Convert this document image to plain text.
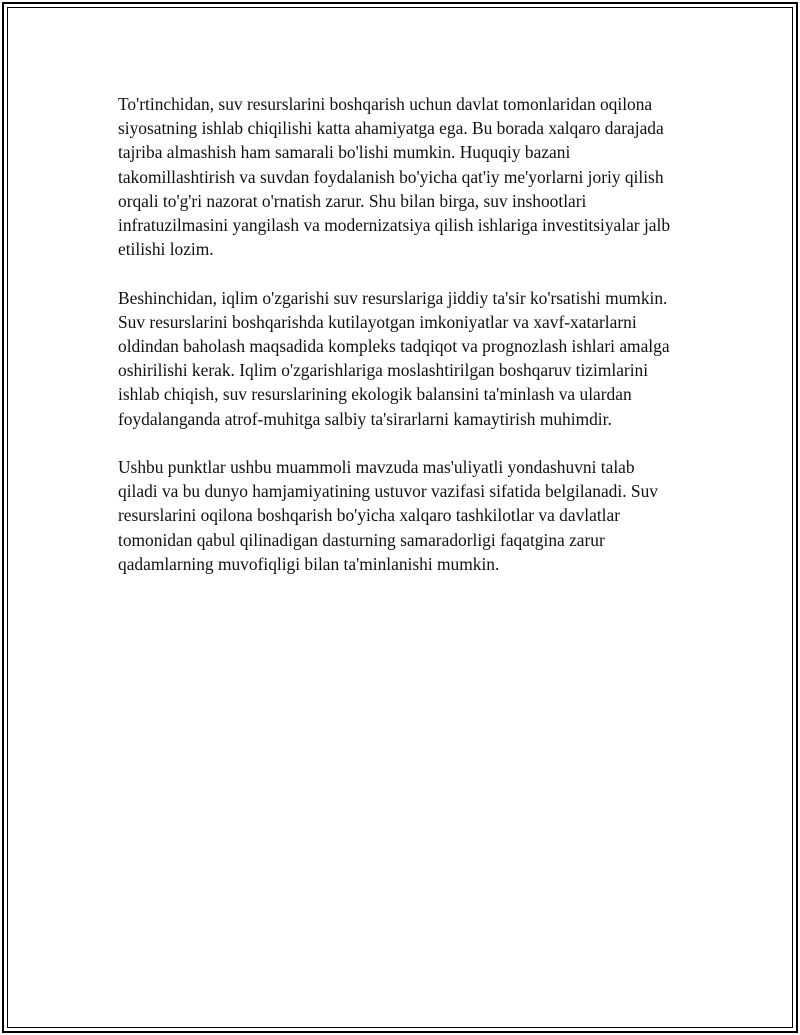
To'rtinchidan, suv resurslarini boshqarish uchun davlat tomonlaridan oqilona siyosatning ishlab chiqilishi katta ahamiyatga ega. Bu borada xalqaro darajada tajriba almashish ham samarali bo'lishi mumkin. Huquqiy bazani takomillashtirish va suvdan foydalanish bo'yicha qat'iy me'yorlarni joriy qilish orqali to'g'ri nazorat o'rnatish zarur. Shu bilan birga, suv inshootlari infratuzilmasini yangilash va modernizatsiya qilish ishlariga investitsiyalar jalb etilishi lozim.

Beshinchidan, iqlim o'zgarishi suv resurslariga jiddiy ta'sir ko'rsatishi mumkin. Suv resurslarini boshqarishda kutilayotgan imkoniyatlar va xavf-xatarlarni oldindan baholash maqsadida kompleks tadqiqot va prognozlash ishlari amalga oshirilishi kerak. Iqlim o'zgarishlariga moslashtirilgan boshqaruv tizimlarini ishlab chiqish, suv resurslarining ekologik balansini ta'minlash va ulardan foydalanganda atrof-muhitga salbiy ta'sirarlarni kamaytirish muhimdir.

Ushbu punktlar ushbu muammoli mavzuda mas'uliyatli yondashuvni talab qiladi va bu dunyo hamjamiyatining ustuvor vazifasi sifatida belgilanadi. Suv resurslarini oqilona boshqarish bo'yicha xalqaro tashkilotlar va davlatlar tomonidan qabul qilinadigan dasturning samaradorligi faqatgina zarur qadamlarning muvofiqligi bilan ta'minlanishi mumkin.
